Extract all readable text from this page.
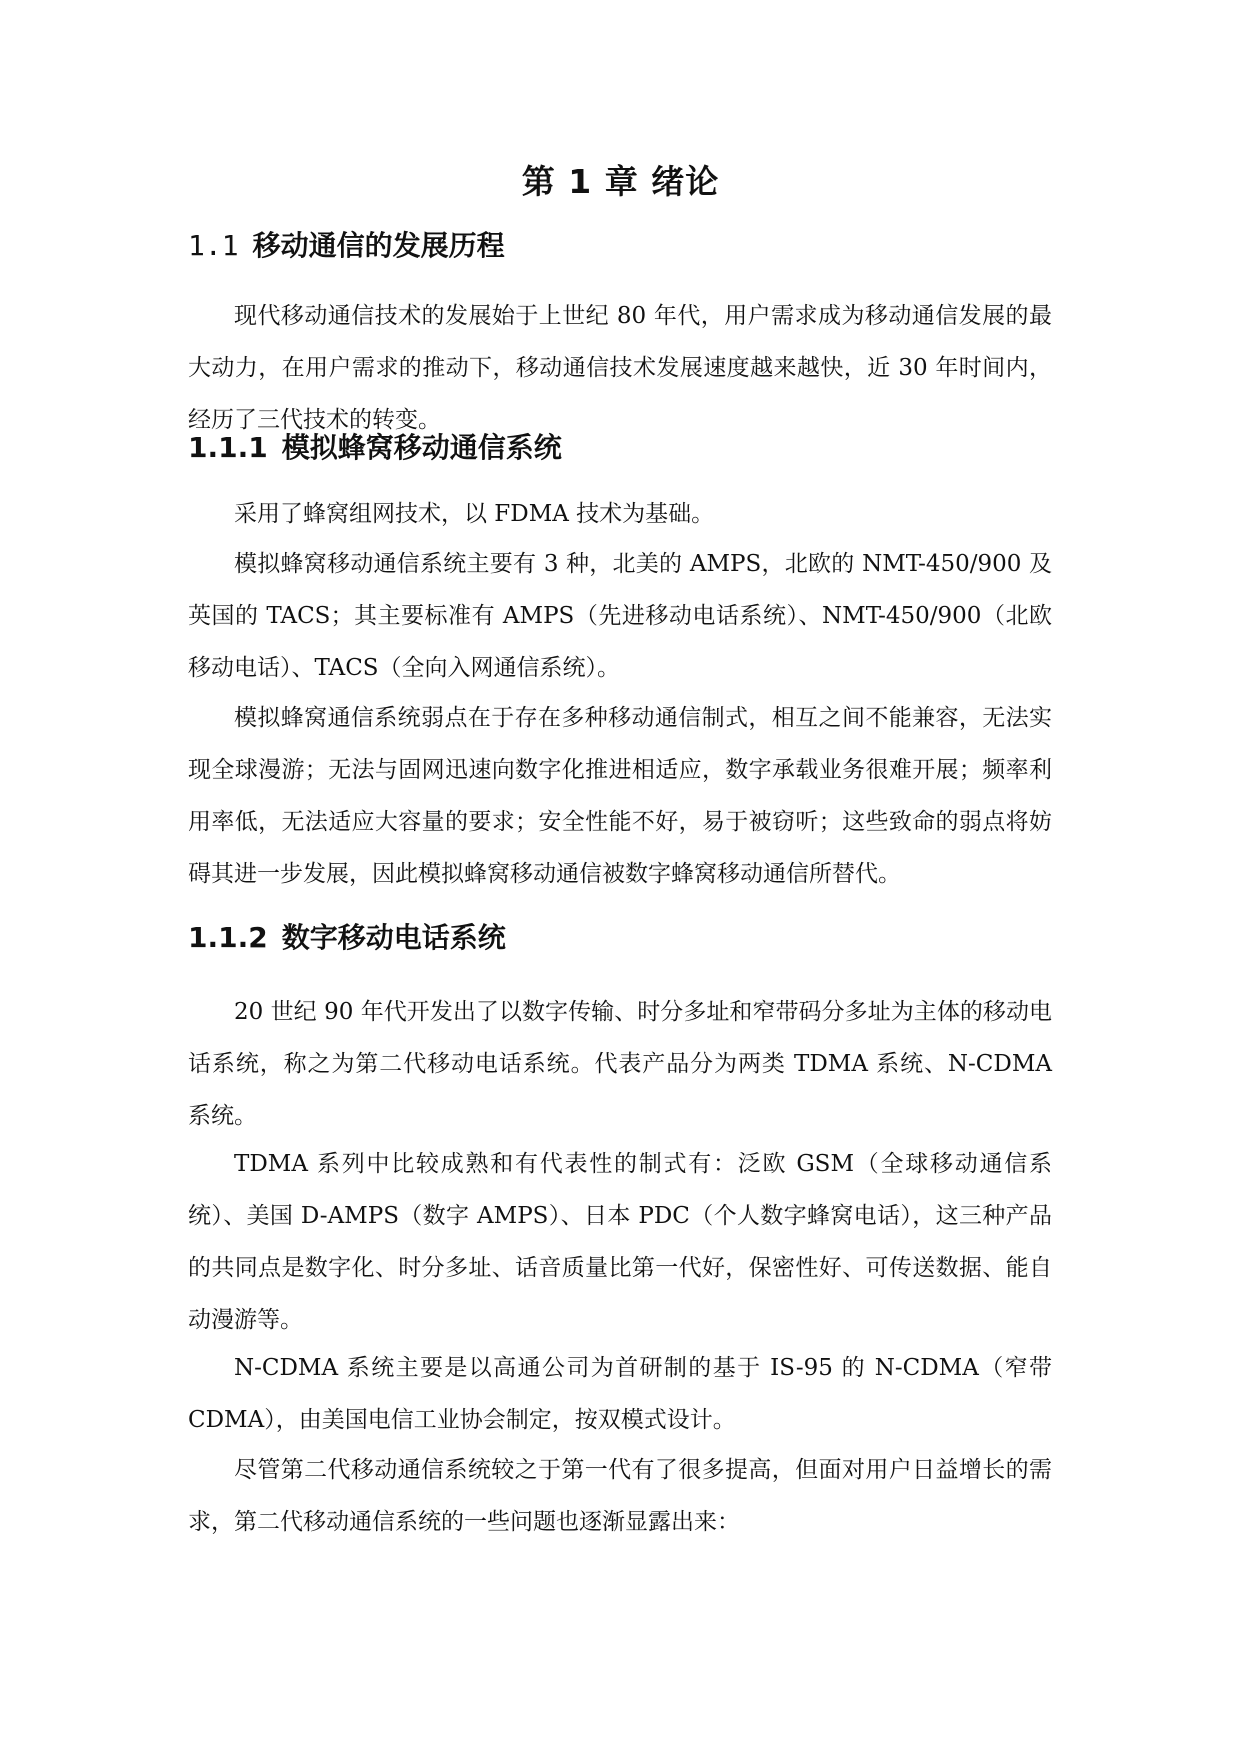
第 1 章 绪论
1.1 移动通信的发展历程

现代移动通信技术的发展始于上世纪 80 年代，用户需求成为移动通信发展的最大动力，在用户需求的推动下，移动通信技术发展速度越来越快，近 30 年时间内，经历了三代技术的转变。

1.1.1 模拟蜂窝移动通信系统

采用了蜂窝组网技术，以 FDMA 技术为基础。

模拟蜂窝移动通信系统主要有 3 种，北美的 AMPS，北欧的 NMT-450/900 及英国的 TACS；其主要标准有 AMPS（先进移动电话系统）、NMT-450/900（北欧移动电话）、TACS（全向入网通信系统）。

模拟蜂窝通信系统弱点在于存在多种移动通信制式，相互之间不能兼容，无法实现全球漫游；无法与固网迅速向数字化推进相适应，数字承载业务很难开展；频率利用率低，无法适应大容量的要求；安全性能不好，易于被窃听；这些致命的弱点将妨碍其进一步发展，因此模拟蜂窝移动通信被数字蜂窝移动通信所替代。

1.1.2 数字移动电话系统

20 世纪 90 年代开发出了以数字传输、时分多址和窄带码分多址为主体的移动电话系统，称之为第二代移动电话系统。代表产品分为两类 TDMA 系统、N-CDMA 系统。

TDMA 系列中比较成熟和有代表性的制式有：泛欧 GSM（全球移动通信系统）、美国 D-AMPS（数字 AMPS）、日本 PDC（个人数字蜂窝电话），这三种产品的共同点是数字化、时分多址、话音质量比第一代好，保密性好、可传送数据、能自动漫游等。

N-CDMA 系统主要是以高通公司为首研制的基于 IS-95 的 N-CDMA（窄带 CDMA），由美国电信工业协会制定，按双模式设计。

尽管第二代移动通信系统较之于第一代有了很多提高，但面对用户日益增长的需求，第二代移动通信系统的一些问题也逐渐显露出来：
